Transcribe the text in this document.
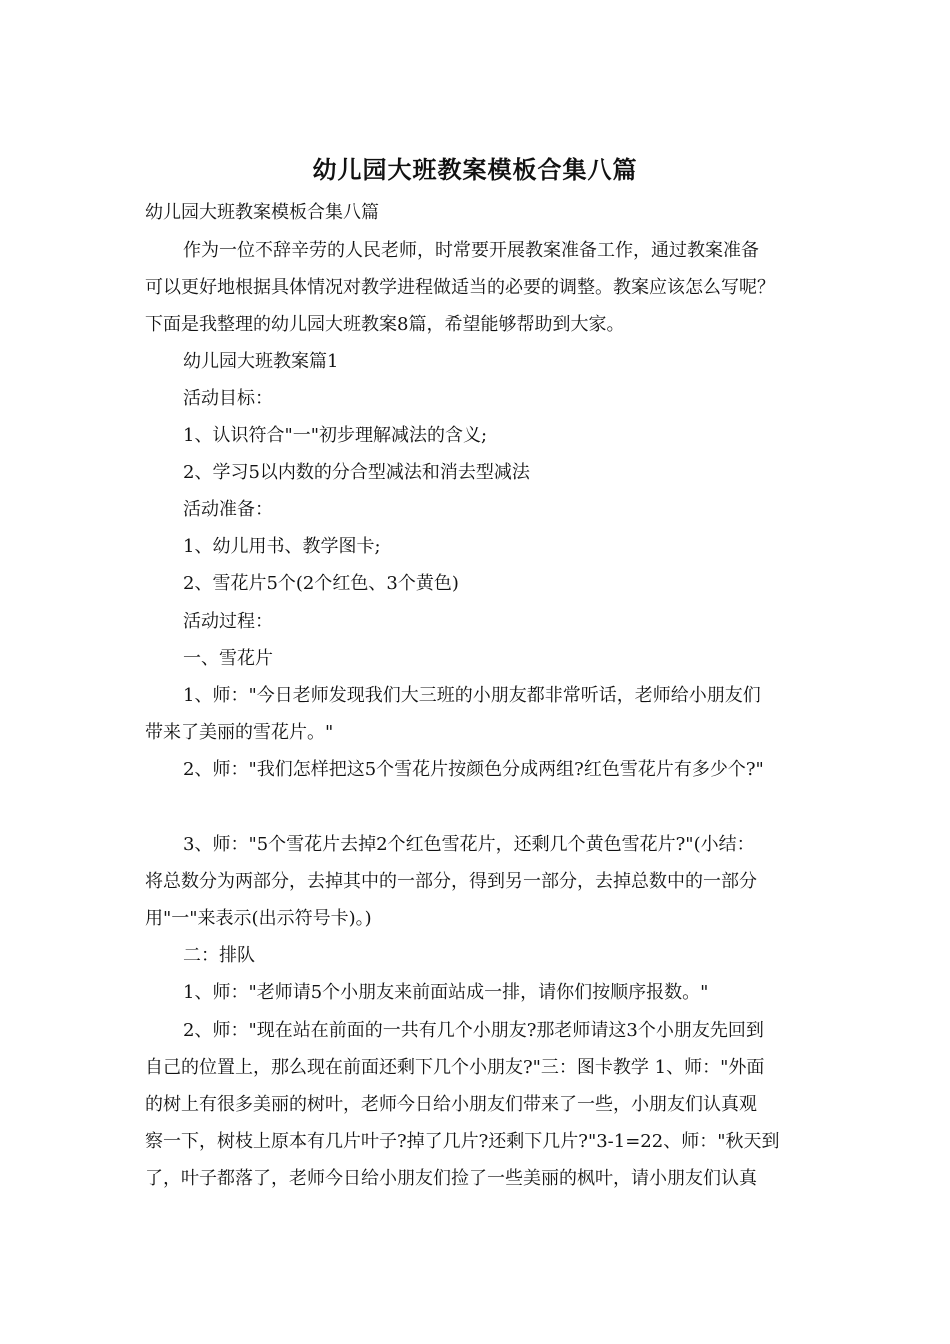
幼儿园大班教案模板合集八篇
幼儿园大班教案模板合集八篇
作为一位不辞辛劳的人民老师，时常要开展教案准备工作，通过教案准备
可以更好地根据具体情况对教学进程做适当的必要的调整。教案应该怎么写呢？
下面是我整理的幼儿园大班教案8篇，希望能够帮助到大家。
幼儿园大班教案篇1
活动目标：
1、认识符合"一"初步理解减法的含义;
2、学习5以内数的分合型减法和消去型减法
活动准备：
1、幼儿用书、教学图卡;
2、雪花片5个(2个红色、3个黄色)
活动过程：
一、雪花片
1、师："今日老师发现我们大三班的小朋友都非常听话，老师给小朋友们
带来了美丽的雪花片。"
2、师："我们怎样把这5个雪花片按颜色分成两组?红色雪花片有多少个?"
3、师："5个雪花片去掉2个红色雪花片，还剩几个黄色雪花片?"(小结：
将总数分为两部分，去掉其中的一部分，得到另一部分，去掉总数中的一部分
用"一"来表示(出示符号卡)。)
二：排队
1、师："老师请5个小朋友来前面站成一排，请你们按顺序报数。"
2、师："现在站在前面的一共有几个小朋友?那老师请这3个小朋友先回到
自己的位置上，那么现在前面还剩下几个小朋友?"三：图卡教学 1、师："外面
的树上有很多美丽的树叶，老师今日给小朋友们带来了一些，小朋友们认真观
察一下，树枝上原本有几片叶子?掉了几片?还剩下几片?"3-1=22、师："秋天到
了，叶子都落了，老师今日给小朋友们捡了一些美丽的枫叶，请小朋友们认真
